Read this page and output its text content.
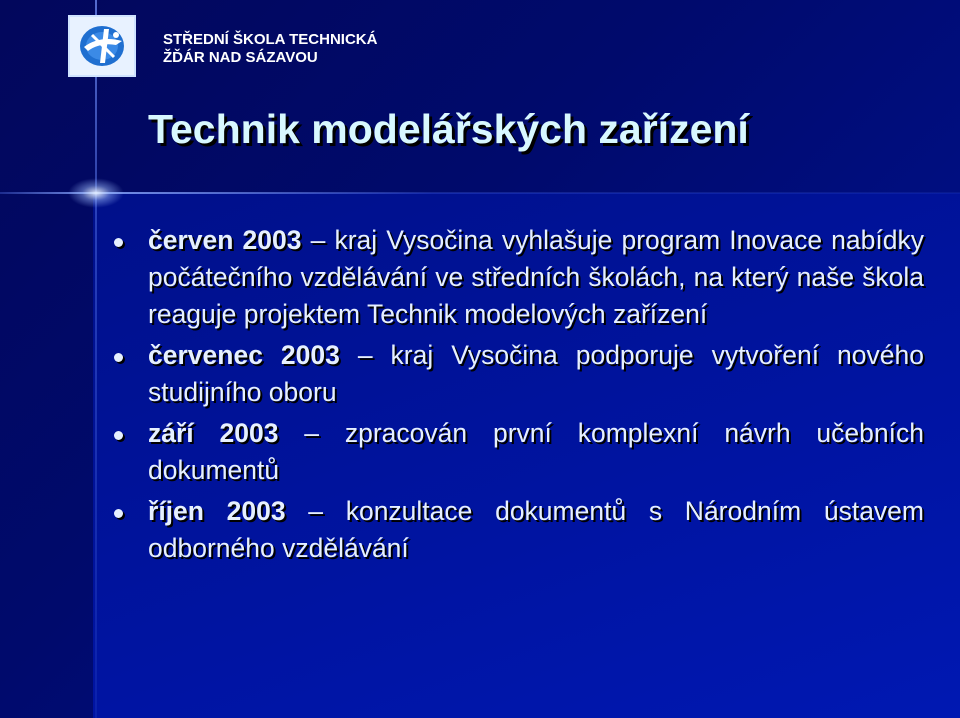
STŘEDNÍ ŠKOLA TECHNICKÁ
ŽĎÁR NAD SÁZAVOU
Technik modelářských zařízení
červen 2003 – kraj Vysočina vyhlašuje program Inovace nabídky počátečního vzdělávání ve středních školách, na který naše škola reaguje projektem Technik modelových zařízení
červenec 2003 – kraj Vysočina podporuje vytvoření nového studijního oboru
září 2003 – zpracován první komplexní návrh učebních dokumentů
říjen 2003 – konzultace dokumentů s Národním ústavem odborného vzdělávání
